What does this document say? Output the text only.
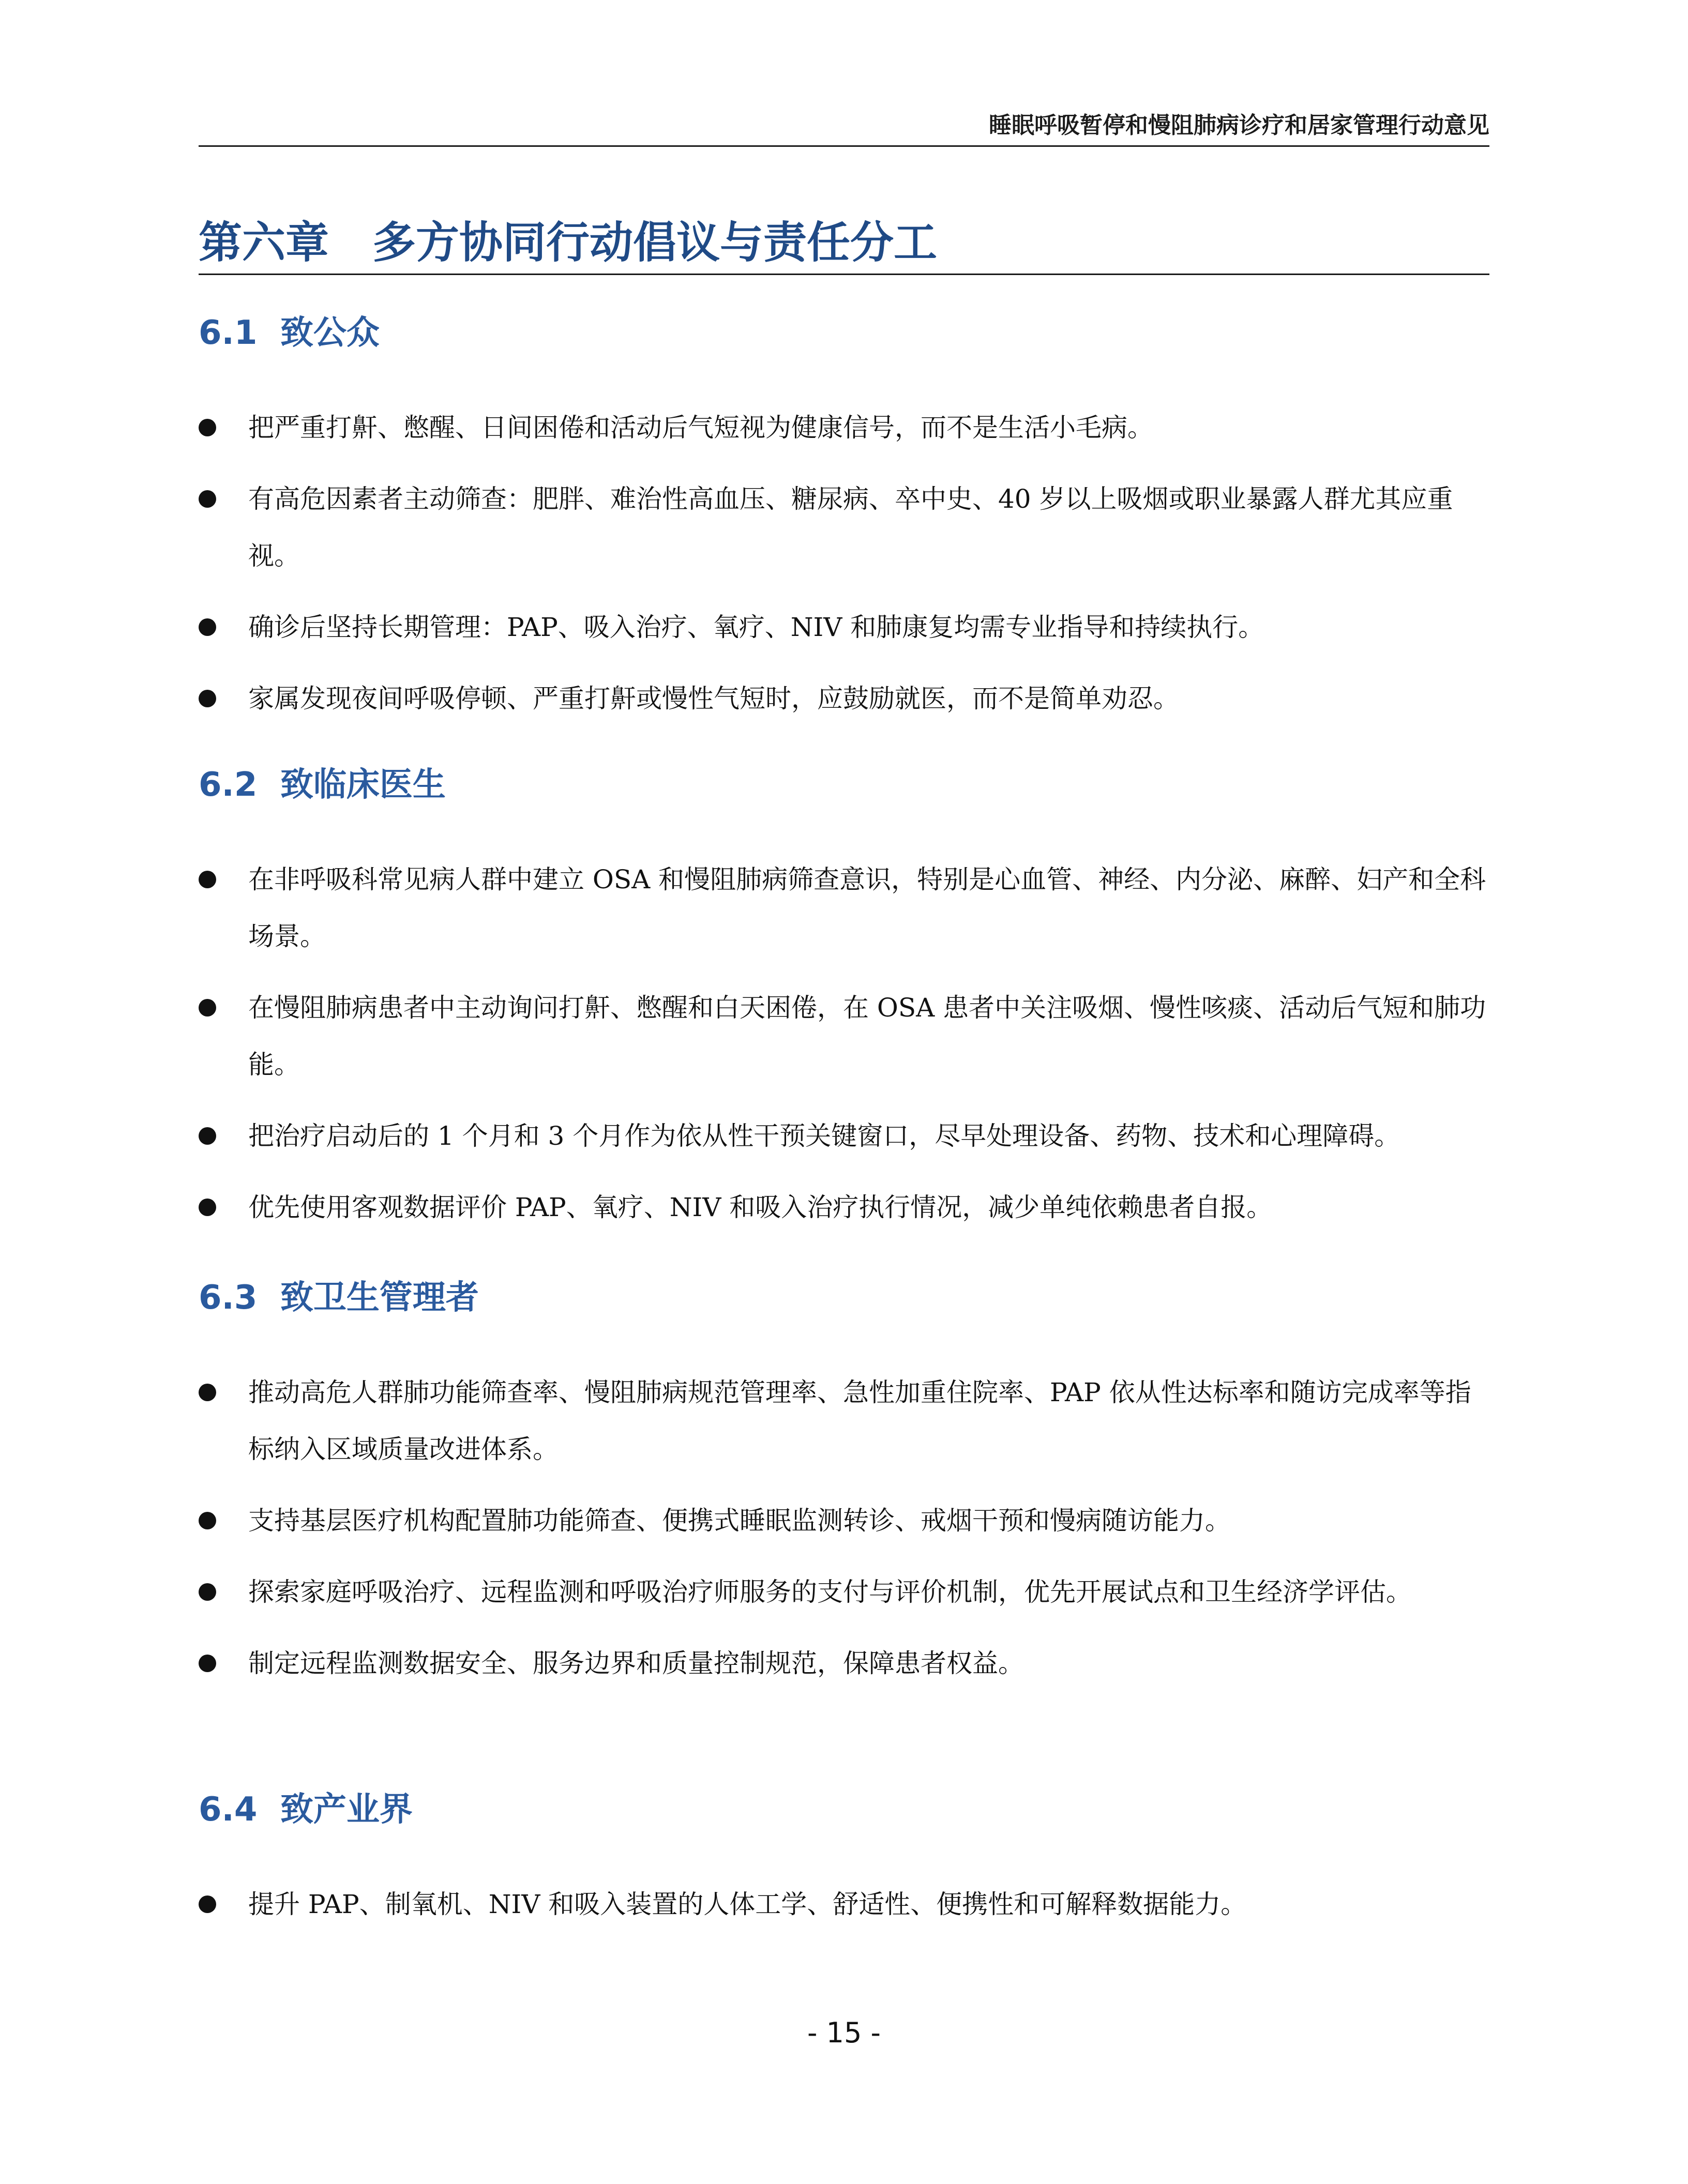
睡眠呼吸暂停和慢阻肺病诊疗和居家管理行动意见
第六章　多方协同行动倡议与责任分工
6.1  致公众
把严重打鼾、憋醒、日间困倦和活动后气短视为健康信号，而不是生活小毛病。
有高危因素者主动筛查：肥胖、难治性高血压、糖尿病、卒中史、40 岁以上吸烟或职业暴露人群尤其应重视。
确诊后坚持长期管理：PAP、吸入治疗、氧疗、NIV 和肺康复均需专业指导和持续执行。
家属发现夜间呼吸停顿、严重打鼾或慢性气短时，应鼓励就医，而不是简单劝忍。
6.2  致临床医生
在非呼吸科常见病人群中建立 OSA 和慢阻肺病筛查意识，特别是心血管、神经、内分泌、麻醉、妇产和全科场景。
在慢阻肺病患者中主动询问打鼾、憋醒和白天困倦，在 OSA 患者中关注吸烟、慢性咳痰、活动后气短和肺功能。
把治疗启动后的 1 个月和 3 个月作为依从性干预关键窗口，尽早处理设备、药物、技术和心理障碍。
优先使用客观数据评价 PAP、氧疗、NIV 和吸入治疗执行情况，减少单纯依赖患者自报。
6.3  致卫生管理者
推动高危人群肺功能筛查率、慢阻肺病规范管理率、急性加重住院率、PAP 依从性达标率和随访完成率等指标纳入区域质量改进体系。
支持基层医疗机构配置肺功能筛查、便携式睡眠监测转诊、戒烟干预和慢病随访能力。
探索家庭呼吸治疗、远程监测和呼吸治疗师服务的支付与评价机制，优先开展试点和卫生经济学评估。
制定远程监测数据安全、服务边界和质量控制规范，保障患者权益。
6.4  致产业界
提升 PAP、制氧机、NIV 和吸入装置的人体工学、舒适性、便携性和可解释数据能力。
- 15 -
